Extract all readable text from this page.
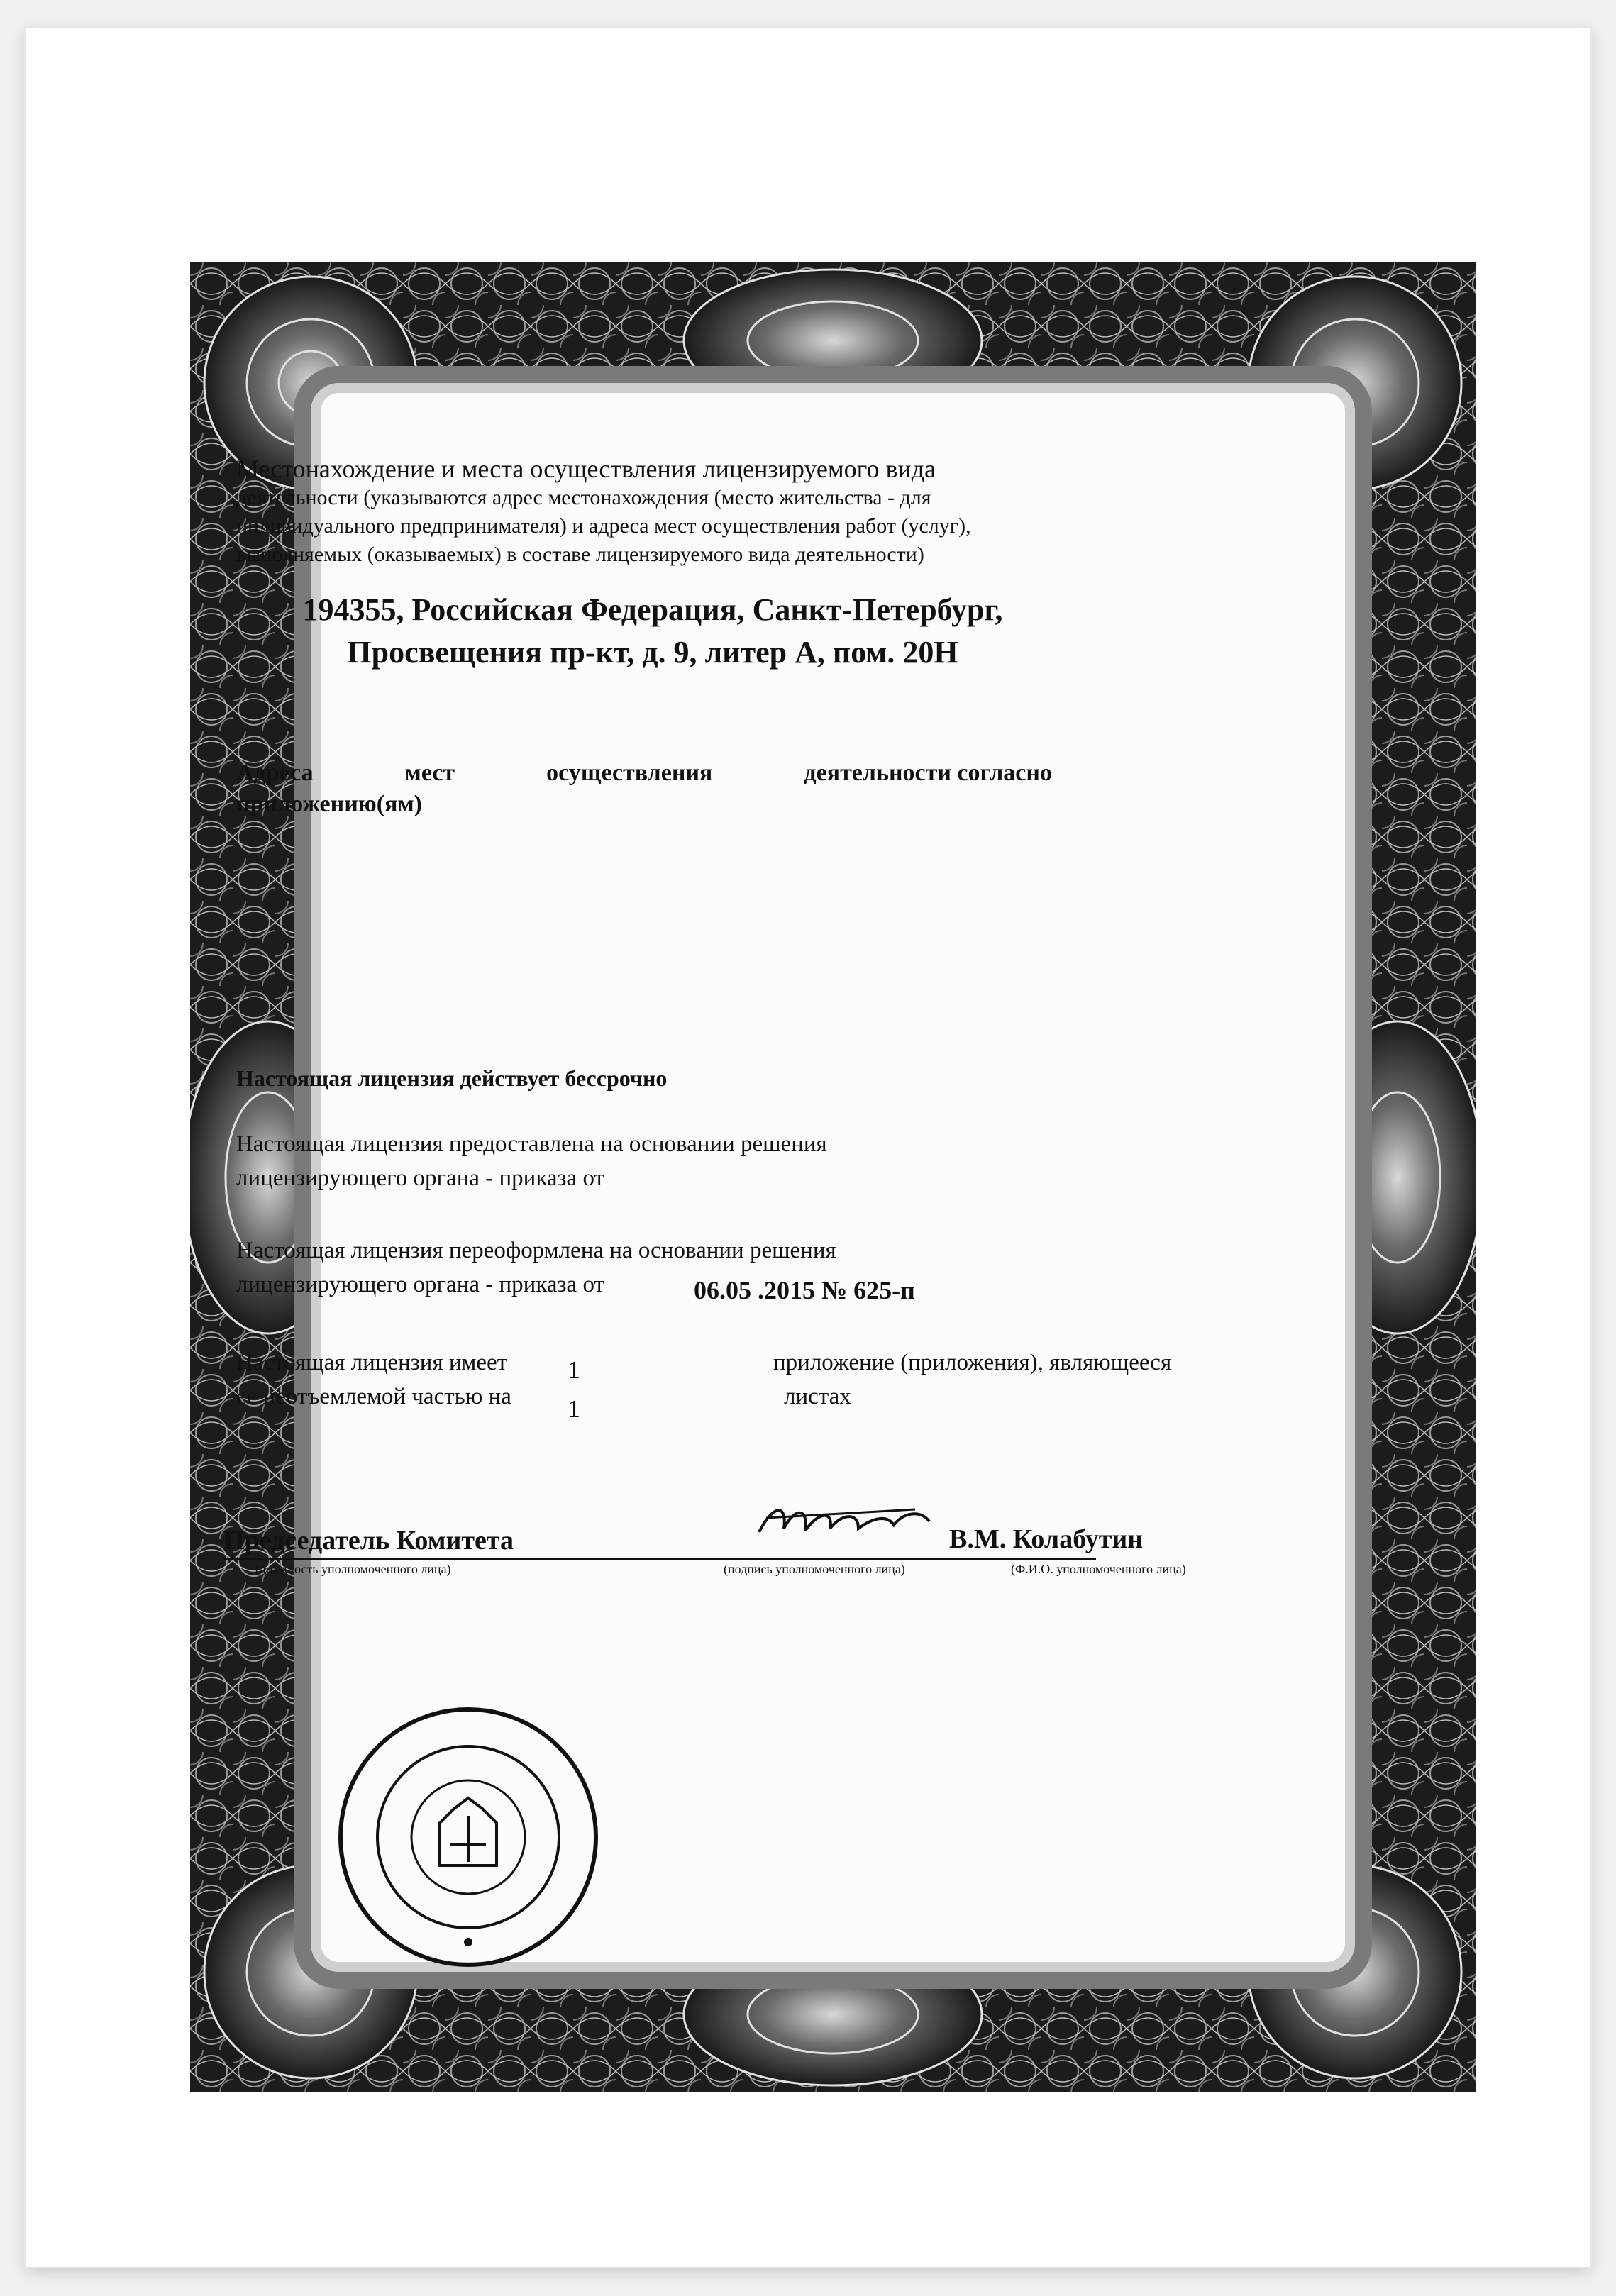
Местонахождение и места осуществления лицензируемого вида
деятельности (указываются адрес местонахождения (место жительства - для
индивидуального предпринимателя) и адреса мест осуществления работ (услуг),
выполняемых (оказываемых) в составе лицензируемого вида деятельности)
194355, Российская Федерация, Санкт-Петербург,
Просвещения пр-кт, д. 9, литер А, пом. 20Н
Адреса	мест	осуществления	деятельности согласно
приложению(ям)
Настоящая лицензия действует бессрочно
Настоящая лицензия предоставлена на основании решения
лицензирующего органа - приказа от
Настоящая лицензия переоформлена на основании решения
лицензирующего органа - приказа от	06.05 .2015 № 625-п
Настоящая лицензия имеет 1	приложение (приложения), являющееся
ее неотъемлемой частью на 1	листах
Председатель Комитета
(должность уполномоченного лица)	(подпись уполномоченного лица)
В.М. Колабутин
(Ф.И.О. уполномоченного лица)
